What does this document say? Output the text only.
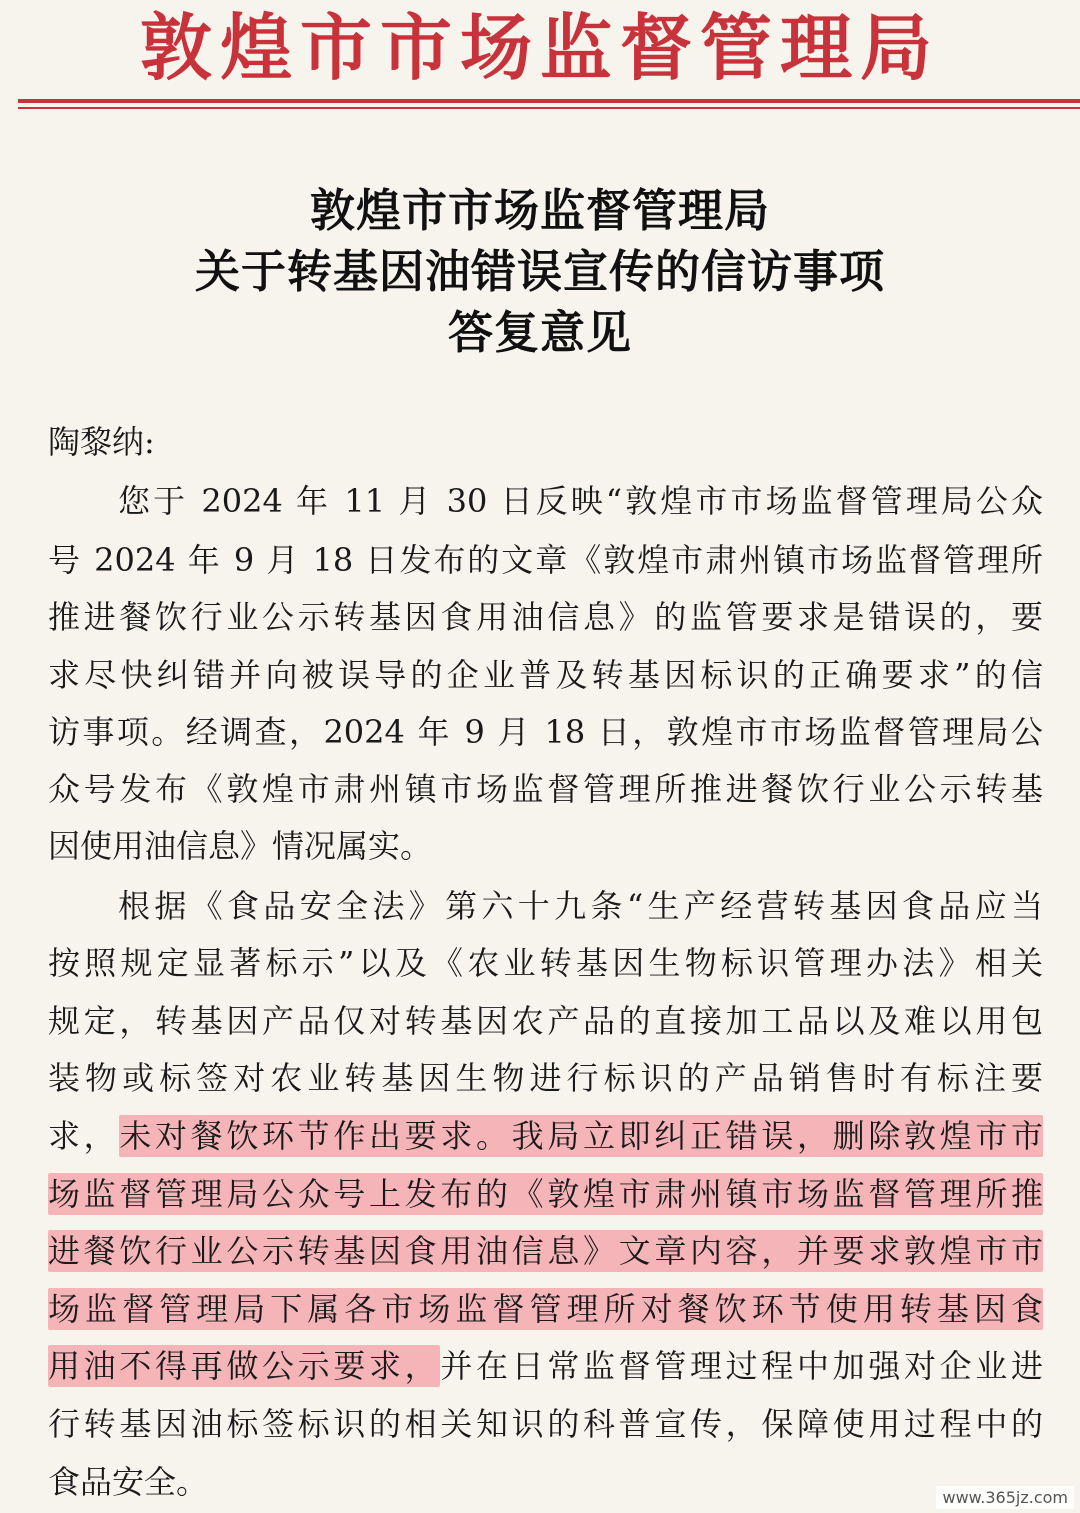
敦煌市市场监督管理局
敦煌市市场监督管理局
关于转基因油错误宣传的信访事项
答复意见
陶黎纳:
您于 2024 年 11 月 30 日反映“敦煌市市场监督管理局公众
号 2024 年 9 月 18 日发布的文章《敦煌市肃州镇市场监督管理所
推进餐饮行业公示转基因食用油信息》的监管要求是错误的，要
求尽快纠错并向被误导的企业普及转基因标识的正确要求”的信
访事项。经调查，2024 年 9 月 18 日，敦煌市市场监督管理局公
众号发布《敦煌市肃州镇市场监督管理所推进餐饮行业公示转基
因使用油信息》情况属实。
根据《食品安全法》第六十九条“生产经营转基因食品应当
按照规定显著标示”以及《农业转基因生物标识管理办法》相关
规定，转基因产品仅对转基因农产品的直接加工品以及难以用包
装物或标签对农业转基因生物进行标识的产品销售时有标注要
求，未对餐饮环节作出要求。我局立即纠正错误，删除敦煌市市
场监督管理局公众号上发布的《敦煌市肃州镇市场监督管理所推
进餐饮行业公示转基因食用油信息》文章内容，并要求敦煌市市
场监督管理局下属各市场监督管理所对餐饮环节使用转基因食
用油不得再做公示要求，并在日常监督管理过程中加强对企业进
行转基因油标签标识的相关知识的科普宣传，保障使用过程中的
食品安全。	www.365jz.com
